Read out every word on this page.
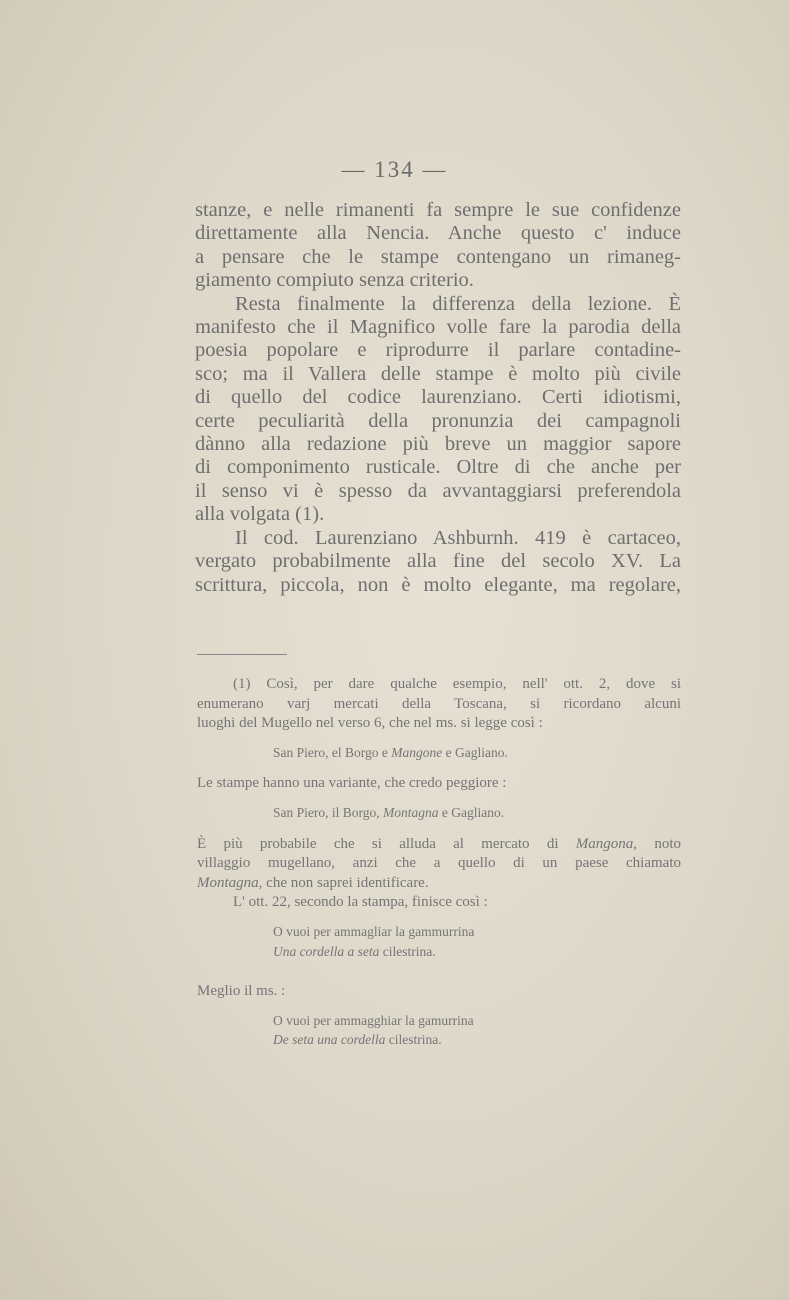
— 134 —

stanze, e nelle rimanenti fa sempre le sue confidenze

direttamente alla Nencia. Anche questo c' induce

a pensare che le stampe contengano un rimaneg-

giamento compiuto senza criterio.

Resta finalmente la differenza della lezione. È

manifesto che il Magnifico volle fare la parodia della

poesia popolare e riprodurre il parlare contadine-

sco; ma il Vallera delle stampe è molto più civile

di quello del codice laurenziano. Certi idiotismi,

certe peculiarità della pronunzia dei campagnoli

dànno alla redazione più breve un maggior sapore

di componimento rusticale. Oltre di che anche per

il senso vi è spesso da avvantaggiarsi preferendola

alla volgata (1).

Il cod. Laurenziano Ashburnh. 419 è cartaceo,

vergato probabilmente alla fine del secolo XV. La

scrittura, piccola, non è molto elegante, ma regolare,

(1) Così, per dare qualche esempio, nell' ott. 2, dove si

enumerano varj mercati della Toscana, si ricordano alcuni

luoghi del Mugello nel verso 6, che nel ms. si legge così :

San Piero, el Borgo e Mangone e Gagliano.

Le stampe hanno una variante, che credo peggiore :

San Piero, il Borgo, Montagna e Gagliano.

È più probabile che si alluda al mercato di Mangona, noto

villaggio mugellano, anzi che a quello di un paese chiamato

Montagna, che non saprei identificare.

L' ott. 22, secondo la stampa, finisce così :

O vuoi per ammagliar la gammurrina

Una cordella a seta cilestrina.

Meglio il ms. :

O vuoi per ammagghiar la gamurrina

De seta una cordella cilestrina.
